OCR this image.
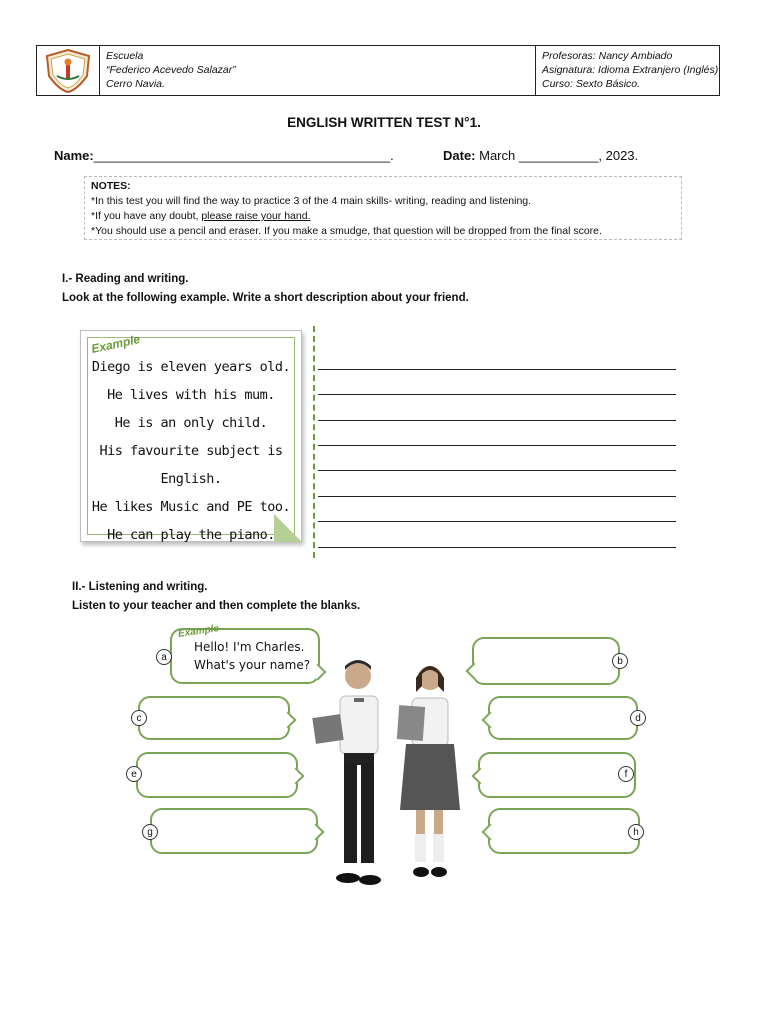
Escuela
“Federico Acevedo Salazar”
Cerro Navia.
Profesoras: Nancy Ambiado
Asignatura: Idioma Extranjero (Inglés)
Curso: Sexto Básico.
ENGLISH WRITTEN TEST N°1.
Name:_________________________________________.	Date: March ___________, 2023.
NOTES:
*In this test you will find the way to practice 3 of the 4 main skills- writing, reading and listening.
*If you have any doubt, please raise your hand.
*You should use a pencil and eraser. If you make a smudge, that question will be dropped from the final score.
I.- Reading and writing.
Look at the following example. Write a short description about your friend.
Example
Diego is eleven years old.
He lives with his mum.
He is an only child.
His favourite subject is English.
He likes Music and PE too.
He can play the piano.
II.- Listening and writing.
Listen to your teacher and then complete the blanks.
Example
Hello! I'm Charles.
What's your name?
a	b
c	d
e	f
g	h
